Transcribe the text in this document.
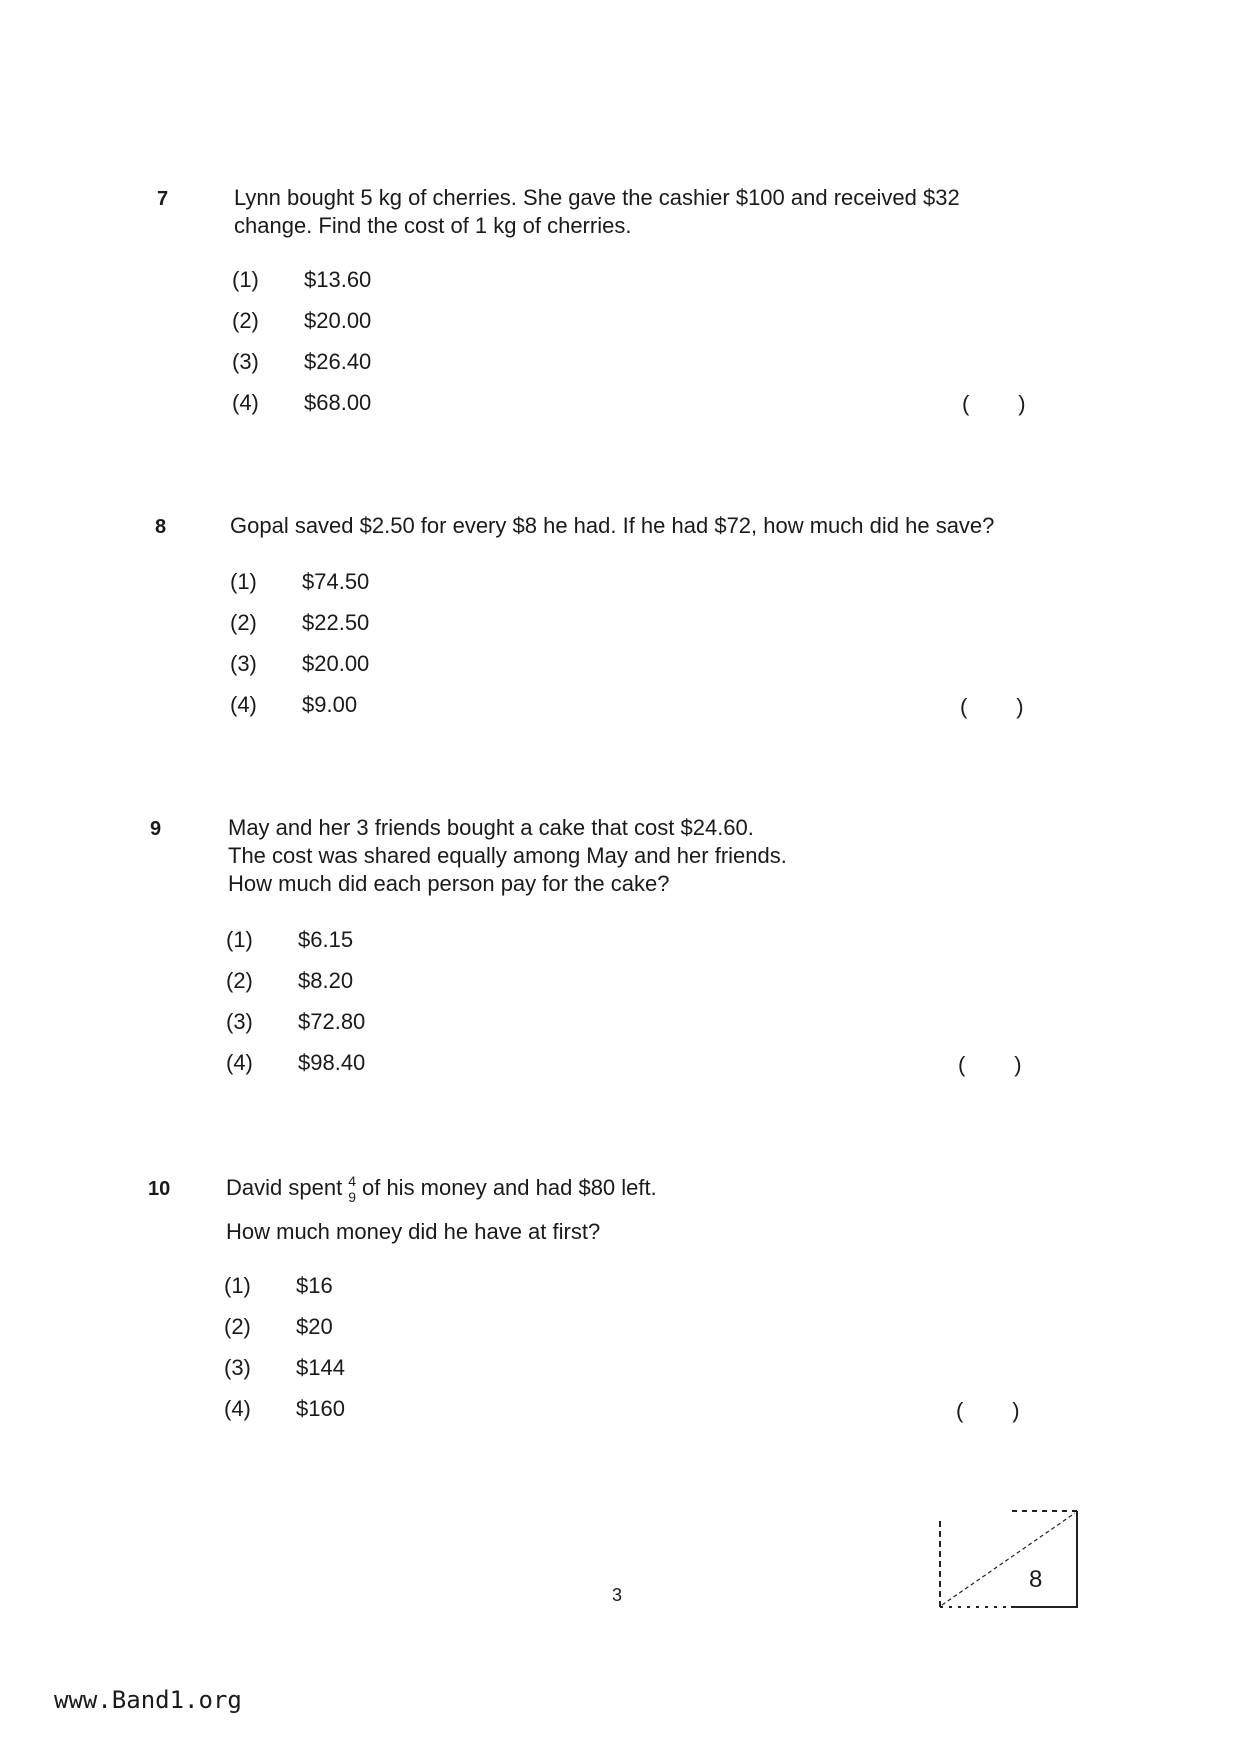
7	Lynn bought 5 kg of cherries. She gave the cashier $100 and received $32
change. Find the cost of 1 kg of cherries.
(1) $13.60
(2) $20.00
(3) $26.40
(4) $68.00	(        )
8	Gopal saved $2.50 for every $8 he had. If he had $72, how much did he save?
(1) $74.50
(2) $22.50
(3) $20.00
(4) $9.00	(        )
9	May and her 3 friends bought a cake that cost $24.60.
The cost was shared equally among May and her friends.
How much did each person pay for the cake?
(1) $6.15
(2) $8.20
(3) $72.80
(4) $98.40	(        )
10	David spent 4
9 of his money and had $80 left.
How much money did he have at first?
(1) $16
(2) $20
(3) $144
(4) $160	(        )
3
8
www.Band1.org
